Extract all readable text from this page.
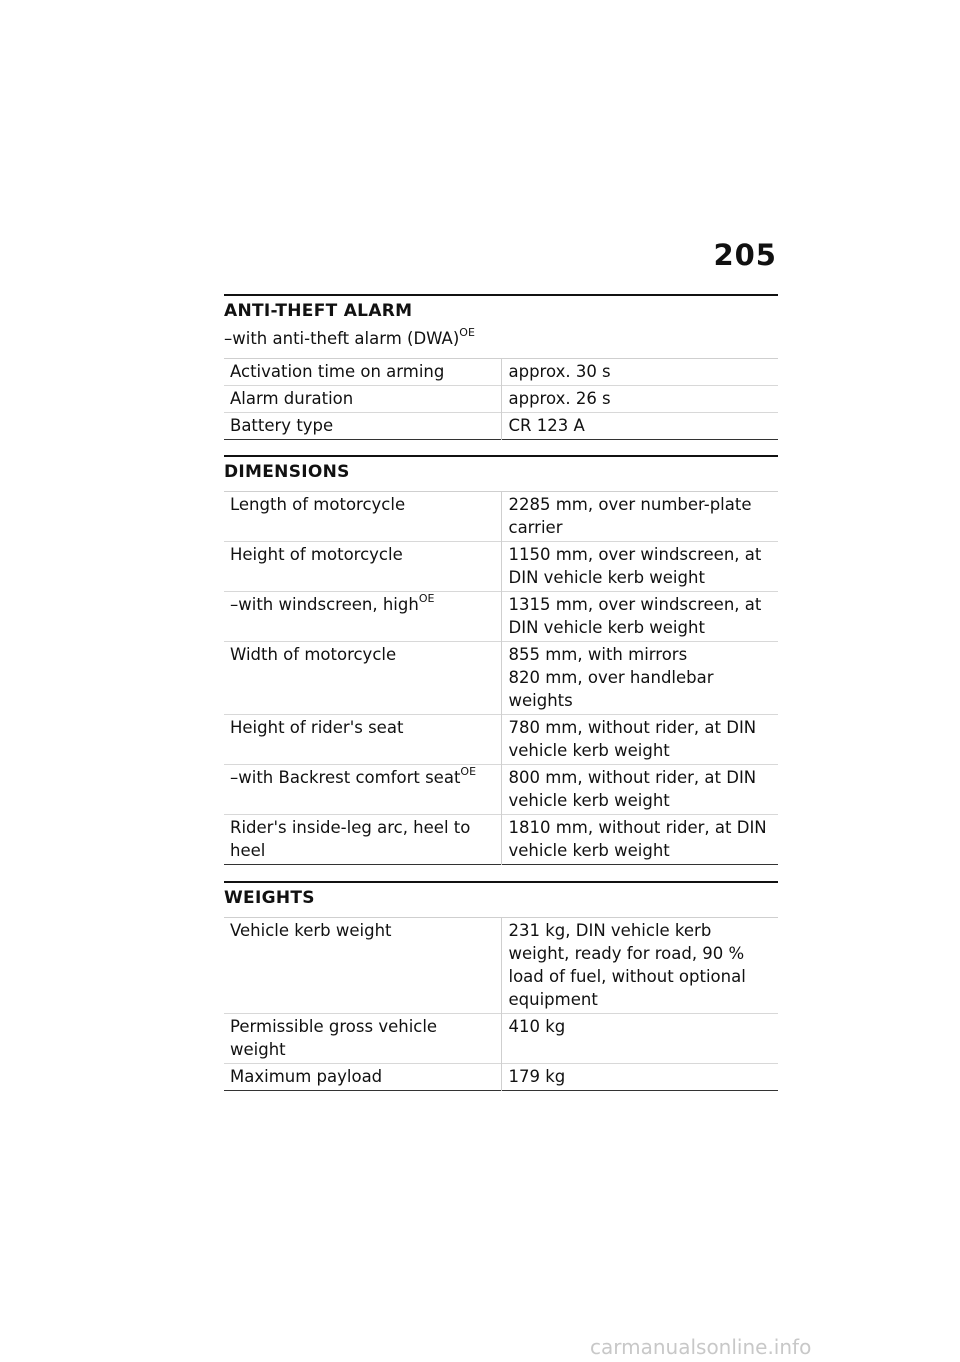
205
ANTI-THEFT ALARM
–with anti-theft alarm (DWA)$^{OE}$
Activation time on arming	approx. 30 s
Alarm duration	approx. 26 s
Battery type	CR 123 A
DIMENSIONS
Length of motorcycle	2285 mm, over number-plate carrier
Height of motorcycle	1150 mm, over windscreen, at DIN vehicle kerb weight
–with windscreen, high$^{OE}$	1315 mm, over windscreen, at DIN vehicle kerb weight
Width of motorcycle	855 mm, with mirrors
820 mm, over handlebar weights

Height of rider's seat	780 mm, without rider, at DIN vehicle kerb weight
–with Backrest comfort seat$^{OE}$	800 mm, without rider, at DIN vehicle kerb weight
Rider's inside-leg arc, heel to heel	1810 mm, without rider, at DIN vehicle kerb weight
WEIGHTS
Vehicle kerb weight	231 kg, DIN vehicle kerb weight, ready for road, 90 % load of fuel, without optional equipment
Permissible gross vehicle weight	410 kg
Maximum payload	179 kg
carmanualsonline.info
